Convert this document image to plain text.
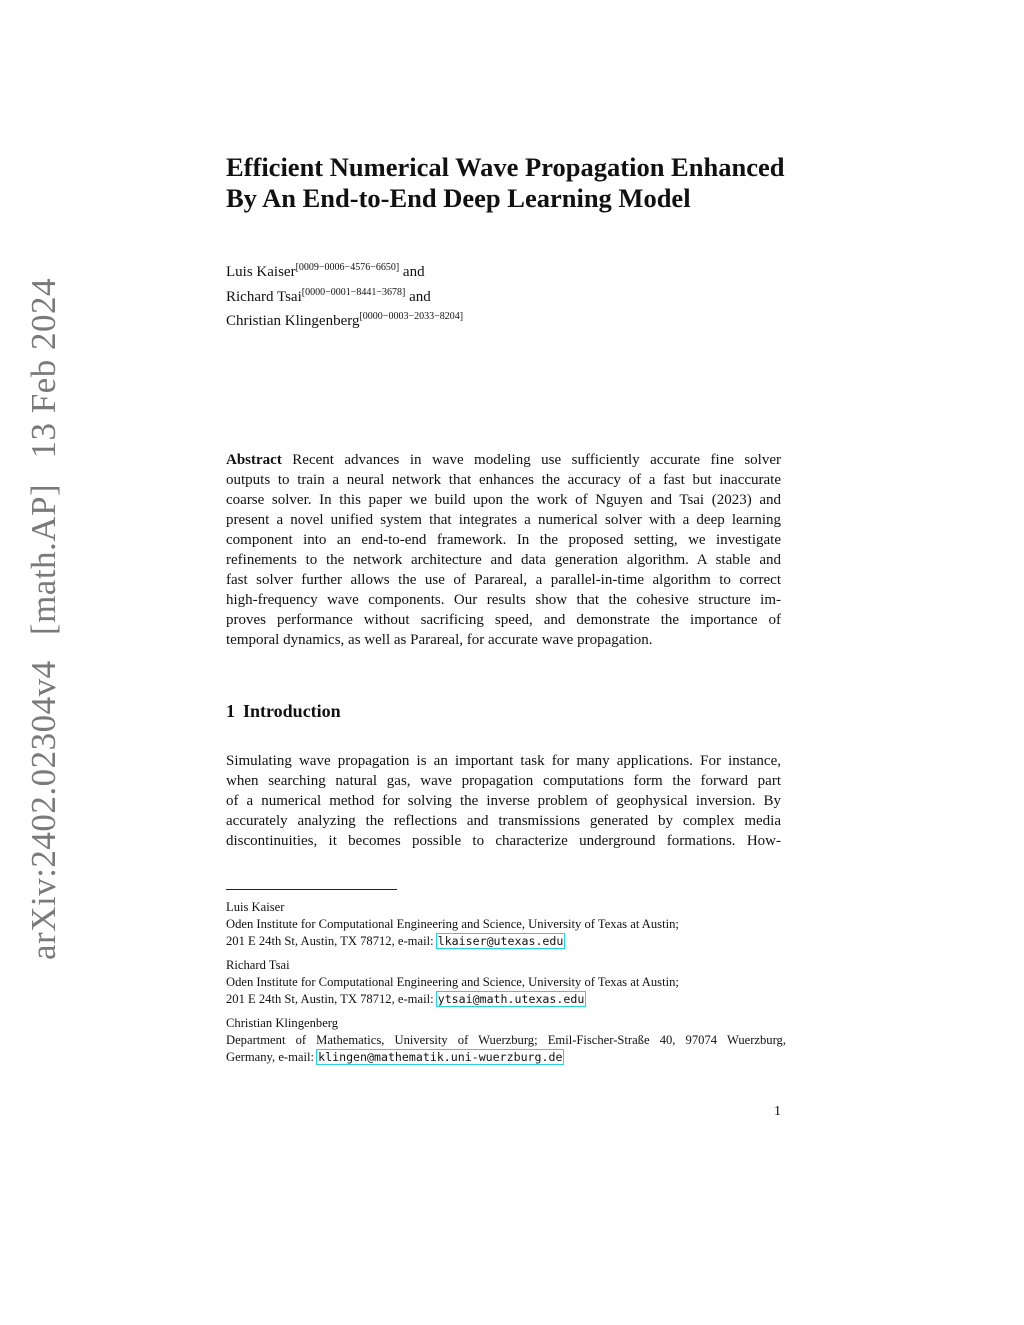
arXiv:2402.02304v4 [math.AP] 13 Feb 2024
Efficient Numerical Wave Propagation Enhanced
By An End-to-End Deep Learning Model
Luis Kaiser[0009−0006−4576−6650] and
Richard Tsai[0000−0001−8441−3678] and
Christian Klingenberg[0000−0003−2033−8204]
Abstract Recent advances in wave modeling use sufficiently accurate fine solver
outputs to train a neural network that enhances the accuracy of a fast but inaccurate
coarse solver. In this paper we build upon the work of Nguyen and Tsai (2023) and
present a novel unified system that integrates a numerical solver with a deep learning
component into an end-to-end framework. In the proposed setting, we investigate
refinements to the network architecture and data generation algorithm. A stable and
fast solver further allows the use of Parareal, a parallel-in-time algorithm to correct
high-frequency wave components. Our results show that the cohesive structure im-
proves performance without sacrificing speed, and demonstrate the importance of
temporal dynamics, as well as Parareal, for accurate wave propagation.
1 Introduction
Simulating wave propagation is an important task for many applications. For instance,
when searching natural gas, wave propagation computations form the forward part
of a numerical method for solving the inverse problem of geophysical inversion. By
accurately analyzing the reflections and transmissions generated by complex media
discontinuities, it becomes possible to characterize underground formations. How-
Luis Kaiser
Oden Institute for Computational Engineering and Science, University of Texas at Austin;
201 E 24th St, Austin, TX 78712, e-mail: lkaiser@utexas.edu
Richard Tsai
Oden Institute for Computational Engineering and Science, University of Texas at Austin;
201 E 24th St, Austin, TX 78712, e-mail: ytsai@math.utexas.edu
Christian Klingenberg
Department of Mathematics, University of Wuerzburg; Emil-Fischer-Straße 40, 97074 Wuerzburg,
Germany, e-mail: klingen@mathematik.uni-wuerzburg.de
1
